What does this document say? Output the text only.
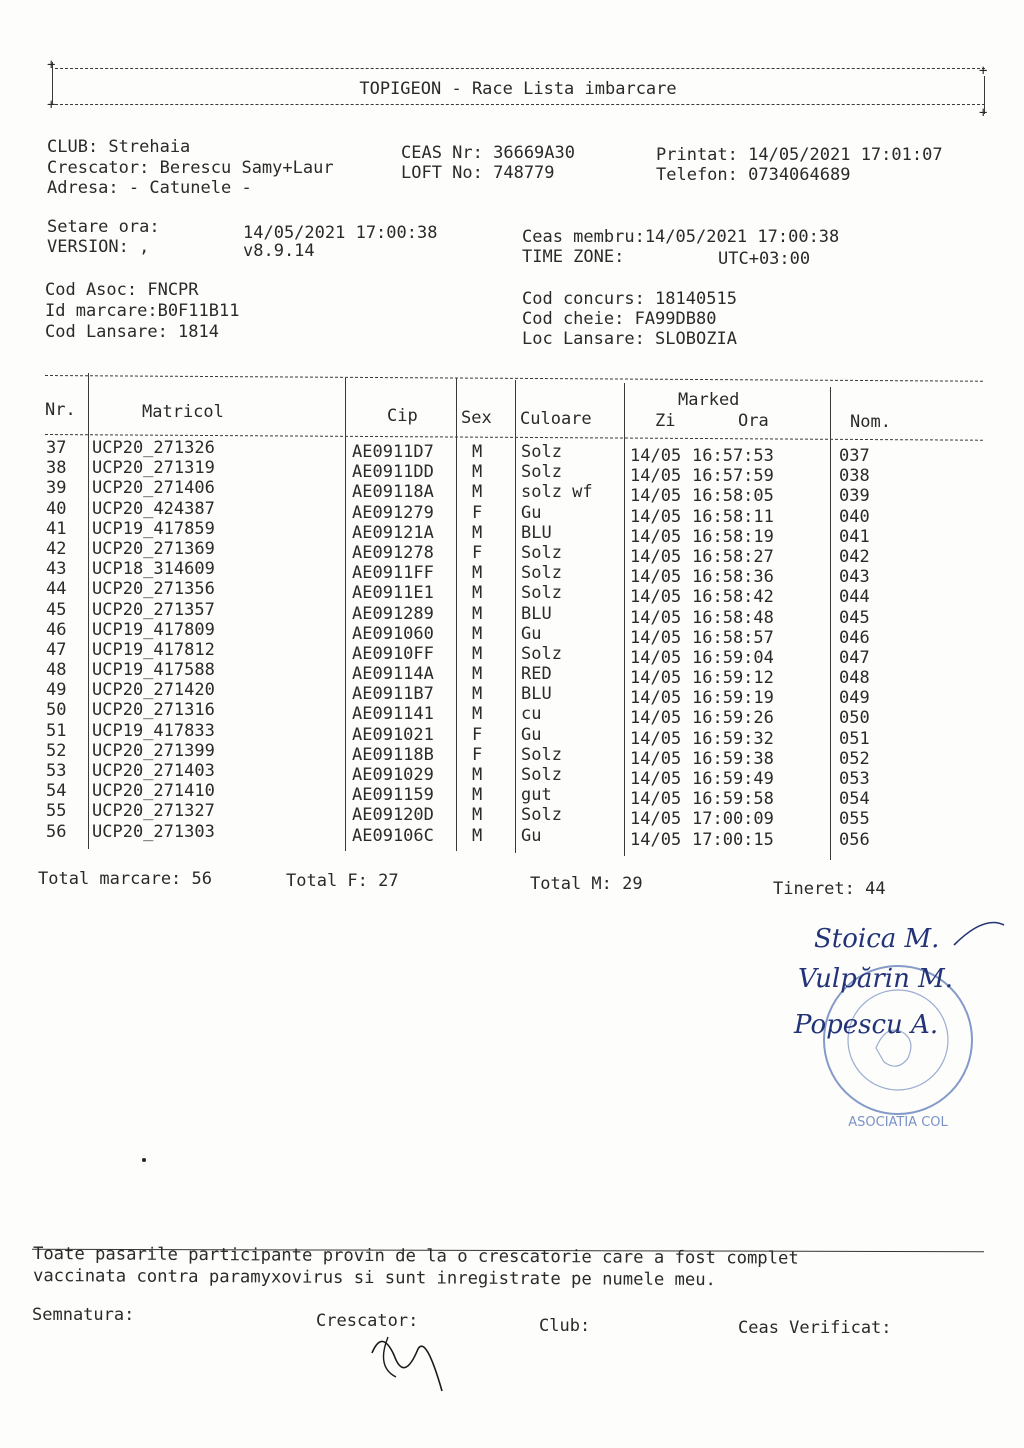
+	+
+	+
TOPIGEON - Race Lista imbarcare
CLUB: Strehaia
Crescator: Berescu Samy+Laur
Adresa: - Catunele -
CEAS Nr: 36669A30
LOFT No: 748779
Printat: 14/05/2021 17:01:07
Telefon: 0734064689
Setare ora:	14/05/2021 17:00:38
VERSION: ,	v8.9.14
Ceas membru:14/05/2021 17:00:38
TIME ZONE:	UTC+03:00
Cod Asoc: FNCPR
Id marcare:B0F11B11
Cod Lansare: 1814
Cod concurs: 18140515
Cod cheie: FA99DB80
Loc Lansare: SLOBOZIA
Nr.	Matricol	Cip	Sex Culoare
Marked
Zi	Ora	Nom.
37	UCP20_271326	AE0911D7	M	Solz	14/05 16:57:53	037
38	UCP20_271319	AE0911DD	M	Solz	14/05 16:57:59	038
39	UCP20_271406	AE09118A	M	solz wf	14/05 16:58:05	039
40	UCP20_424387	AE091279	F	Gu	14/05 16:58:11	040
41	UCP19_417859	AE09121A	M	BLU	14/05 16:58:19	041
42	UCP20_271369	AE091278	F	Solz	14/05 16:58:27	042
43	UCP18_314609	AE0911FF	M	Solz	14/05 16:58:36	043
44	UCP20_271356	AE0911E1	M	Solz	14/05 16:58:42	044
45	UCP20_271357	AE091289	M	BLU	14/05 16:58:48	045
46	UCP19_417809	AE091060	M	Gu	14/05 16:58:57	046
47	UCP19_417812	AE0910FF	M	Solz	14/05 16:59:04	047
48	UCP19_417588	AE09114A	M	RED	14/05 16:59:12	048
49	UCP20_271420	AE0911B7	M	BLU	14/05 16:59:19	049
50	UCP20_271316	AE091141	M	cu	14/05 16:59:26	050
51	UCP19_417833	AE091021	F	Gu	14/05 16:59:32	051
52	UCP20_271399	AE09118B	F	Solz	14/05 16:59:38	052
53	UCP20_271403	AE091029	M	Solz	14/05 16:59:49	053
54	UCP20_271410	AE091159	M	gut	14/05 16:59:58	054
55	UCP20_271327	AE09120D	M	Solz	14/05 17:00:09	055
56	UCP20_271303	AE09106C	M	Gu	14/05 17:00:15	056
Total marcare: 56	Total F: 27	Total M: 29	Tineret: 44
ASOCIATIA COL
Stoica M.
Vulpărin M.
Popescu A.
Toate pasarile participante provin de la o crescatorie care a fost complet
vaccinata contra paramyxovirus si sunt inregistrate pe numele meu.
Semnatura:	Crescator:	Club:	Ceas Verificat:
